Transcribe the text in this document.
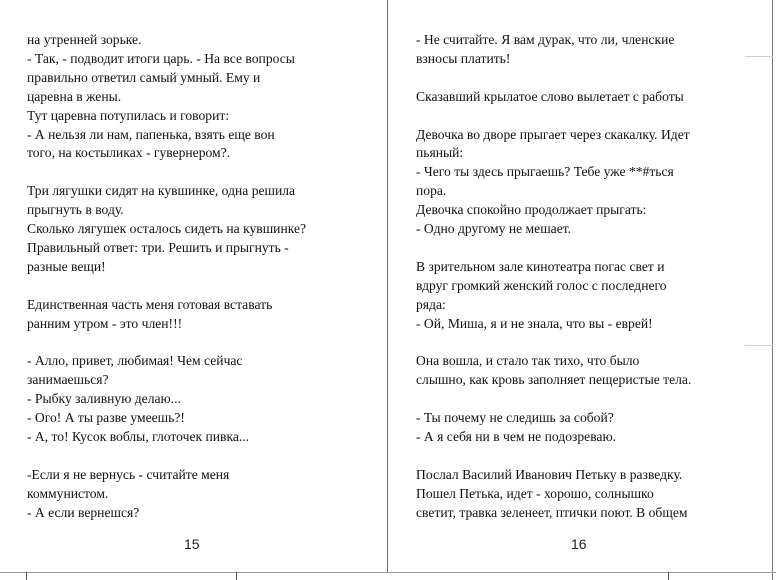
на утренней зорьке.
- Так, - подводит итоги царь. - На все вопросы
правильно ответил самый умный. Ему и
царевна в жены.
Тут царевна потупилась и говорит:
- А нельзя ли нам, папенька, взять еще вон
того, на костыликах - гувернером?.
Три лягушки сидят на кувшинке, одна решила
прыгнуть в воду.
Сколько лягушек осталось сидеть на кувшинке?
Правильный ответ: три. Решить и прыгнуть -
разные вещи!
Единственная часть меня готовая вставать
ранним утром - это член!!!
- Алло, привет, любимая! Чем сейчас
занимаешься?
- Рыбку заливную делаю...
- Ого! А ты разве умеешь?!
- А, то! Кусок воблы, глоточек пивка...
-Если я не вернусь - считайте меня
коммунистом.
- А если вернешся?
15
- Не считайте. Я вам дурак, что ли, членские
взносы платить!
Сказавший крылатое слово вылетает с работы
Девочка во дворе прыгает через скакалку. Идет
пьяный:
- Чего ты здесь прыгаешь? Тебе уже **#ться
пора.
Девочка спокойно продолжает прыгать:
- Одно другому не мешает.
В зрительном зале кинотеатра погас свет и
вдруг громкий женский голос с последнего
ряда:
- Ой, Миша, я и не знала, что вы - еврей!
Она вошла, и стало так тихо, что было
слышно, как кровь заполняет пещеристые тела.
- Ты почему не следишь за собой?
- А я себя ни в чем не подозреваю.
Послал Василий Иванович Петьку в разведку.
Пошел Петька, идет - хорошо, солнышко
светит, травка зеленеет, птички поют. В общем
16
